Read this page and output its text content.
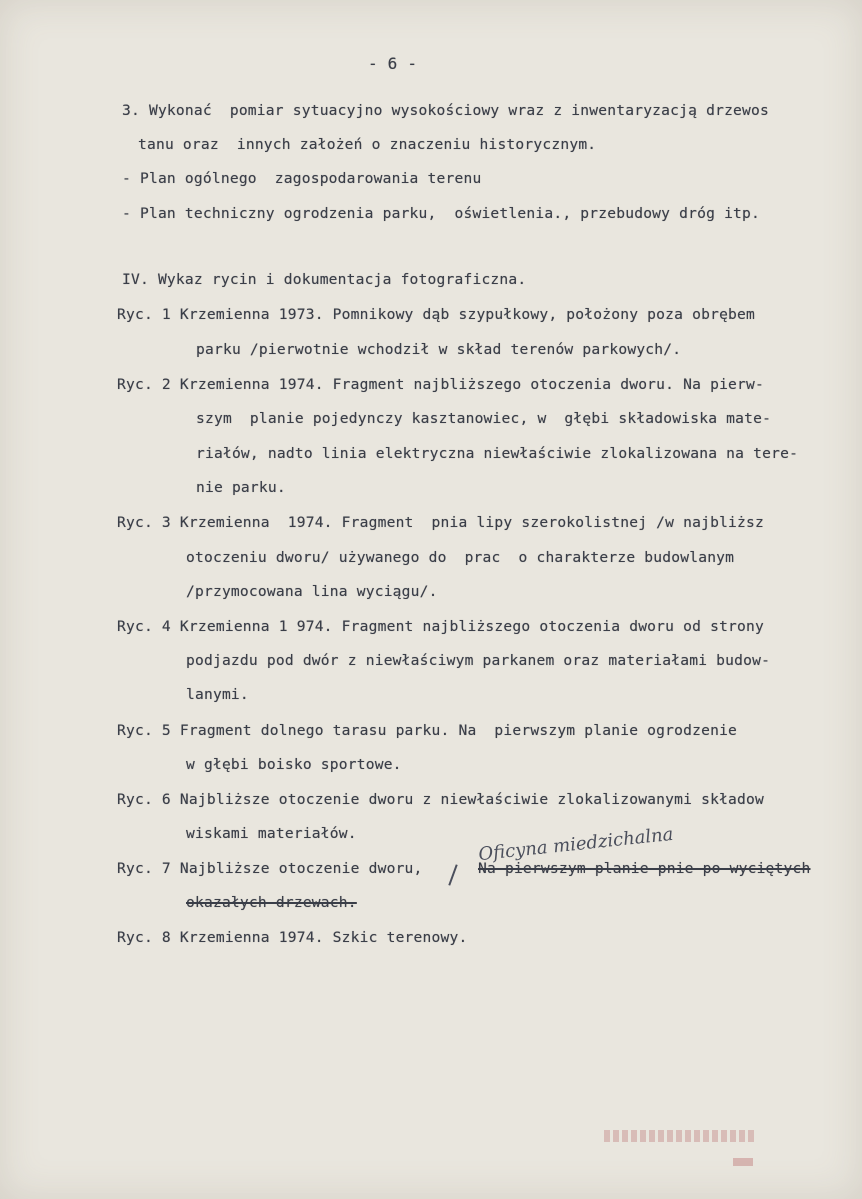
- 6 -
3. Wykonać  pomiar sytuacyjno wysokościowy wraz z inwentaryzacją drzewos
tanu oraz  innych założeń o znaczeniu historycznym.
- Plan ogólnego  zagospodarowania terenu
- Plan techniczny ogrodzenia parku,  oświetlenia., przebudowy dróg itp.
IV. Wykaz rycin i dokumentacja fotograficzna.
Ryc. 1 Krzemienna 1973. Pomnikowy dąb szypułkowy, położony poza obrębem
parku /pierwotnie wchodził w skład terenów parkowych/.
Ryc. 2 Krzemienna 1974. Fragment najbliższego otoczenia dworu. Na pierw-
szym  planie pojedynczy kasztanowiec, w  głębi składowiska mate-
riałów, nadto linia elektryczna niewłaściwie zlokalizowana na tere-
nie parku.
Ryc. 3 Krzemienna  1974. Fragment  pnia lipy szerokolistnej /w najbliższ
otoczeniu dworu/ używanego do  prac  o charakterze budowlanym
/przymocowana lina wyciągu/.
Ryc. 4 Krzemienna 1 974. Fragment najbliższego otoczenia dworu od strony
podjazdu pod dwór z niewłaściwym parkanem oraz materiałami budow-
lanymi.
Ryc. 5 Fragment dolnego tarasu parku. Na  pierwszym planie ogrodzenie
w głębi boisko sportowe.
Ryc. 6 Najbliższe otoczenie dworu z niewłaściwie zlokalizowanymi składow
wiskami materiałów.
Ryc. 7 Najbliższe otoczenie dworu,	Na pierwszym planie pnie po wyciętych
okazałych drzewach.
Oficyna miedzichalna
Ryc. 8 Krzemienna 1974. Szkic terenowy.
